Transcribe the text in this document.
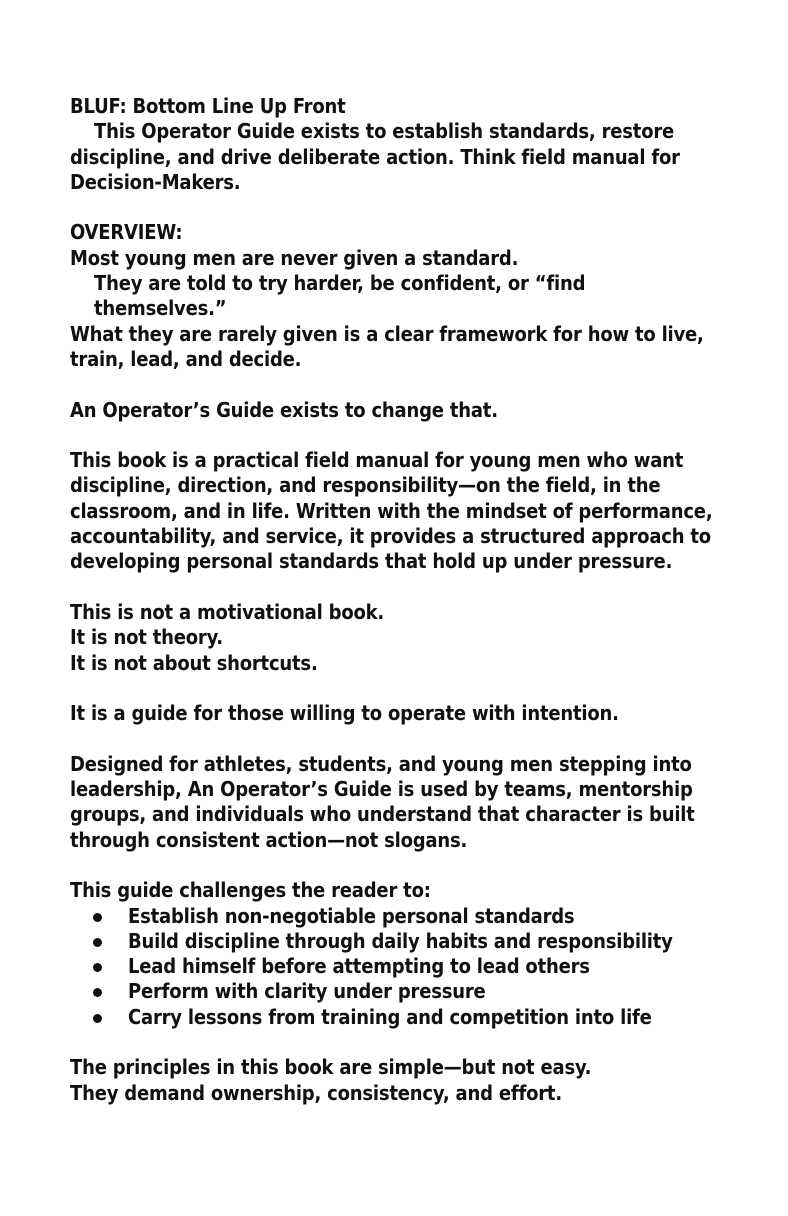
BLUF: Bottom Line Up Front

This Operator Guide exists to establish standards, restore

discipline, and drive deliberate action. Think field manual for

Decision-Makers.

OVERVIEW:

Most young men are never given a standard.

They are told to try harder, be confident, or “find themselves.”

What they are rarely given is a clear framework for how to live,

train, lead, and decide.

An Operator’s Guide exists to change that.

This book is a practical field manual for young men who want

discipline, direction, and responsibility—on the field, in the

classroom, and in life. Written with the mindset of performance,

accountability, and service, it provides a structured approach to

developing personal standards that hold up under pressure.

This is not a motivational book.

It is not theory.

It is not about shortcuts.

It is a guide for those willing to operate with intention.

Designed for athletes, students, and young men stepping into

leadership, An Operator’s Guide is used by teams, mentorship

groups, and individuals who understand that character is built

through consistent action—not slogans.

This guide challenges the reader to:

Establish non-negotiable personal standards
Build discipline through daily habits and responsibility
Lead himself before attempting to lead others
Perform with clarity under pressure
Carry lessons from training and competition into life

The principles in this book are simple—but not easy.

They demand ownership, consistency, and effort.
